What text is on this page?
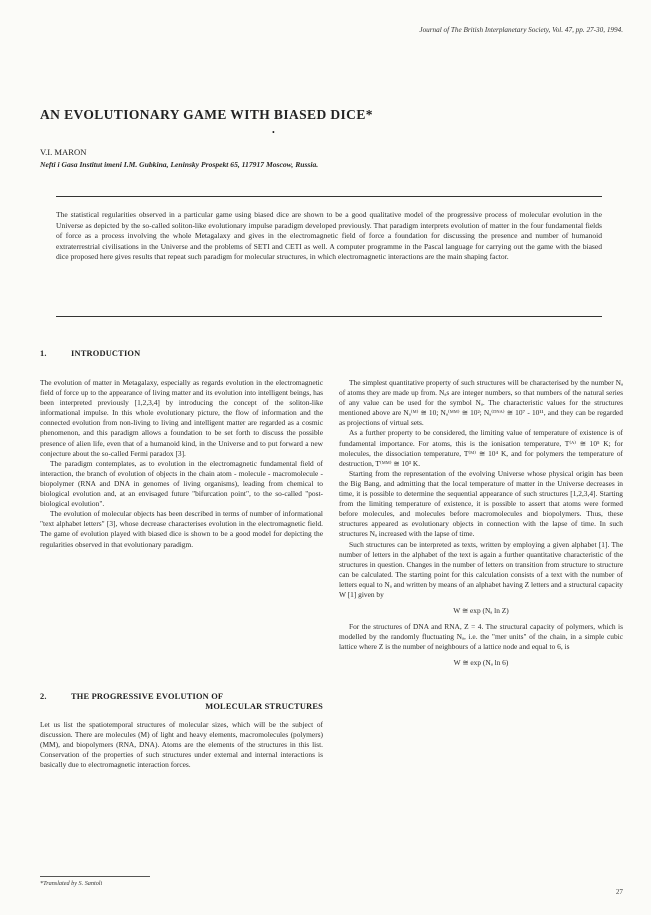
Journal of The British Interplanetary Society, Vol. 47, pp. 27-30, 1994.
AN EVOLUTIONARY GAME WITH BIASED DICE*
•
V.I. MARON
Nefti i Gasa Institut imeni I.M. Gubkina, Leninsky Prospekt 65, 117917 Moscow, Russia.
The statistical regularities observed in a particular game using biased dice are shown to be a good qualitative model of the progressive process of molecular evolution in the Universe as depicted by the so-called soliton-like evolutionary impulse paradigm developed previously. That paradigm interprets evolution of matter in the four fundamental fields of force as a process involving the whole Metagalaxy and gives in the electromagnetic field of force a foundation for discussing the presence and number of humanoid extraterrestrial civilisations in the Universe and the problems of SETI and CETI as well. A computer programme in the Pascal language for carrying out the game with the biased dice proposed here gives results that repeat such paradigm for molecular structures, in which electromagnetic interactions are the main shaping factor.
1.	INTRODUCTION

The evolution of matter in Metagalaxy, especially as regards evolution in the electromagnetic field of force up to the appearance of living matter and its evolution into intelligent beings, has been interpreted previously [1,2,3,4] by introducing the concept of the soliton-like informational impulse. In this whole evolutionary picture, the flow of information and the connected evolution from non-living to living and intelligent matter are regarded as a cosmic phenomenon, and this paradigm allows a foundation to be set forth to discuss the possible presence of alien life, even that of a humanoid kind, in the Universe and to put forward a new conjecture about the so-called Fermi paradox [3].

The paradigm contemplates, as to evolution in the electromagnetic fundamental field of interaction, the branch of evolution of objects in the chain atom - molecule - macromolecule - biopolymer (RNA and DNA in genomes of living organisms), leading from chemical to biological evolution and, at an envisaged future "bifurcation point", to the so-called "post-biological evolution".

The evolution of molecular objects has been described in terms of number of informational "text alphabet letters" [3], whose decrease characterises evolution in the electromagnetic field. The game of evolution played with biased dice is shown to be a good model for depicting the regularities observed in that evolutionary paradigm.

2.	THE PROGRESSIVE EVOLUTION OF
MOLECULAR STRUCTURES

Let us list the spatiotemporal structures of molecular sizes, which will be the subject of discussion. There are molecules (M) of light and heavy elements, macromolecules (polymers) (MM), and biopolymers (RNA, DNA). Atoms are the elements of the structures in this list. Conservation of the properties of such structures under external and internal interactions is basically due to electromagnetic interaction forces.

The simplest quantitative property of such structures will be characterised by the number Nₐ of atoms they are made up from. Nₐs are integer numbers, so that numbers of the natural series of any value can be used for the symbol Nₐ. The characteristic values for the structures mentioned above are Nₐ⁽ᴹ⁾ ≅ 10; Nₐ⁽ᴹᴹ⁾ ≅ 10²; Nₐ⁽ᴰᴺᴬ⁾ ≅ 10⁷ - 10¹¹, and they can be regarded as projections of virtual sets.

As a further property to be considered, the limiting value of temperature of existence is of fundamental importance. For atoms, this is the ionisation temperature, T⁽ᴬ⁾ ≅ 10⁵ K; for molecules, the dissociation temperature, T⁽ᴹ⁾ ≅ 10⁴ K, and for polymers the temperature of destruction, T⁽ᴹᴹ⁾ ≅ 10³ K.

Starting from the representation of the evolving Universe whose physical origin has been the Big Bang, and admitting that the local temperature of matter in the Universe decreases in time, it is possible to determine the sequential appearance of such structures [1,2,3,4]. Starting from the limiting temperature of existence, it is possible to assert that atoms were formed before molecules, and molecules before macromolecules and biopolymers. Thus, these structures appeared as evolutionary objects in connection with the lapse of time. In such structures Nₐ increased with the lapse of time.

Such structures can be interpreted as texts, written by employing a given alphabet [1]. The number of letters in the alphabet of the text is again a further quantitative characteristic of the structures in question. Changes in the number of letters on transition from structure to structure can be calculated. The starting point for this calculation consists of a text with the number of letters equal to Nₐ and written by means of an alphabet having Z letters and a structural capacity W [1] given by

W ≅ exp (Nₐ ln Z)

For the structures of DNA and RNA, Z = 4. The structural capacity of polymers, which is modelled by the randomly fluctuating Nₐ, i.e. the "mer units" of the chain, in a simple cubic lattice where Z is the number of neighbours of a lattice node and equal to 6, is

W ≅ exp (Nₐ ln 6)

*Translated by S. Santoli
27
